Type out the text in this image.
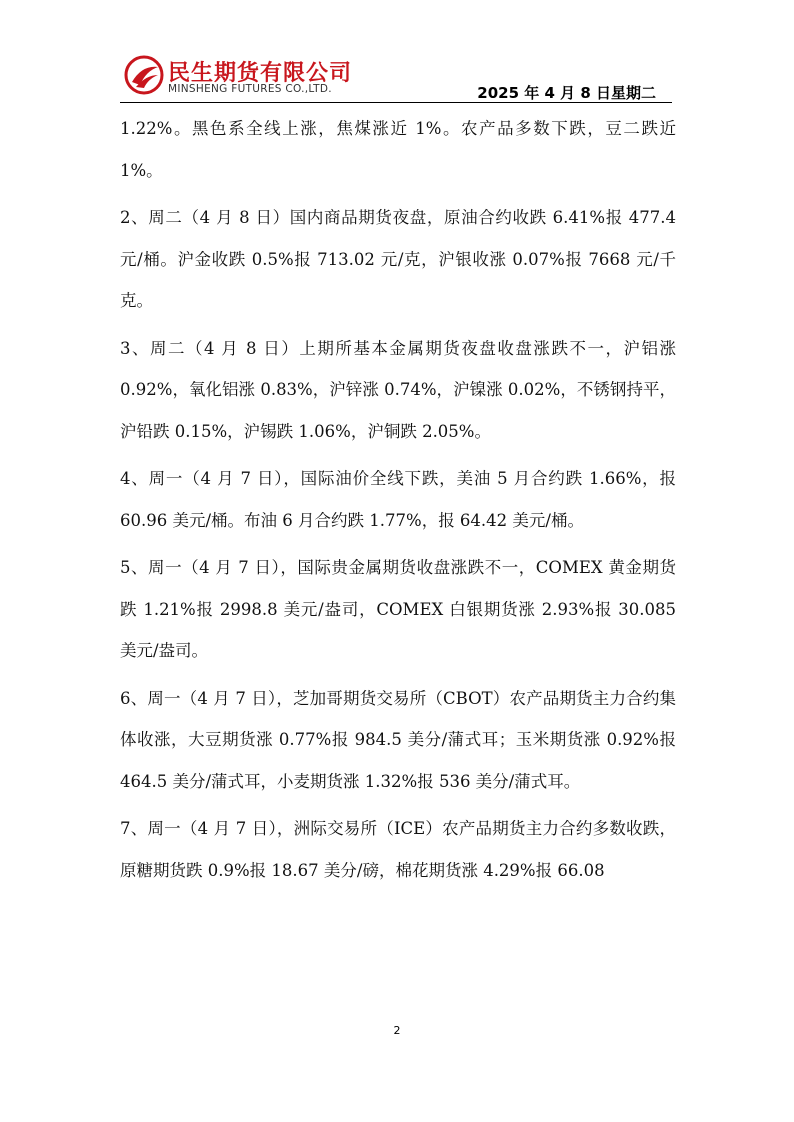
民生期货有限公司
MINSHENG FUTURES CO.,LTD.	2025 年 4 月 8 日星期二

1.22%。黑色系全线上涨，焦煤涨近 1%。农产品多数下跌，豆二跌近 1%。

2、周二（4 月 8 日）国内商品期货夜盘，原油合约收跌 6.41%报 477.4 元/桶。沪金收跌 0.5%报 713.02 元/克，沪银收涨 0.07%报 7668 元/千克。

3、周二（4 月 8 日）上期所基本金属期货夜盘收盘涨跌不一，沪铝涨 0.92%，氧化铝涨 0.83%，沪锌涨 0.74%，沪镍涨 0.02%，不锈钢持平，沪铅跌 0.15%，沪锡跌 1.06%，沪铜跌 2.05%。

4、周一（4 月 7 日），国际油价全线下跌，美油 5 月合约跌 1.66%，报 60.96 美元/桶。布油 6 月合约跌 1.77%，报 64.42 美元/桶。

5、周一（4 月 7 日），国际贵金属期货收盘涨跌不一，COMEX 黄金期货跌 1.21%报 2998.8 美元/盎司，COMEX 白银期货涨 2.93%报 30.085 美元/盎司。

6、周一（4 月 7 日），芝加哥期货交易所（CBOT）农产品期货主力合约集体收涨，大豆期货涨 0.77%报 984.5 美分/蒲式耳；玉米期货涨 0.92%报 464.5 美分/蒲式耳，小麦期货涨 1.32%报 536 美分/蒲式耳。

7、周一（4 月 7 日），洲际交易所（ICE）农产品期货主力合约多数收跌，原糖期货跌 0.9%报 18.67 美分/磅，棉花期货涨 4.29%报 66.08

2
